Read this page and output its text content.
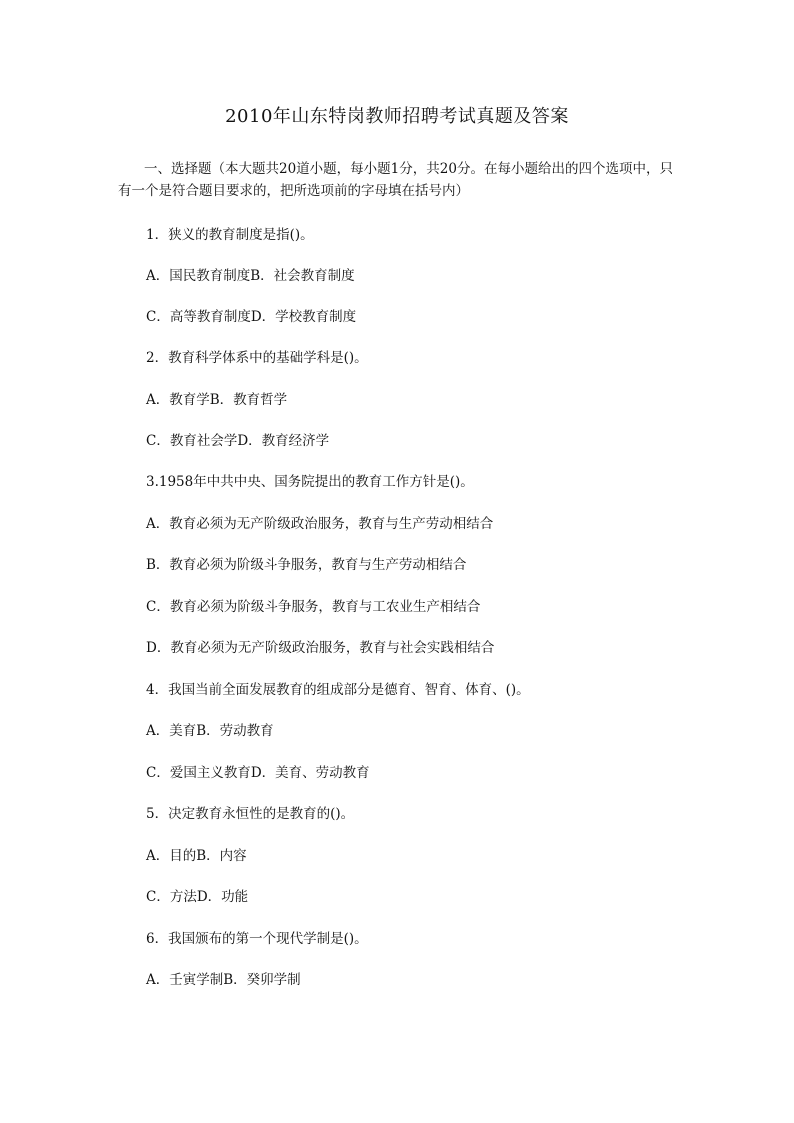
2010年山东特岗教师招聘考试真题及答案

一、选择题（本大题共20道小题，每小题1分，共20分。在每小题给出的四个选项中，只有一个是符合题目要求的，把所选项前的字母填在括号内）

1．狭义的教育制度是指()。

A．国民教育制度B．社会教育制度

C．高等教育制度D．学校教育制度

2．教育科学体系中的基础学科是()。

A．教育学B．教育哲学

C．教育社会学D．教育经济学

3.1958年中共中央、国务院提出的教育工作方针是()。

A．教育必须为无产阶级政治服务，教育与生产劳动相结合

B．教育必须为阶级斗争服务，教育与生产劳动相结合

C．教育必须为阶级斗争服务，教育与工农业生产相结合

D．教育必须为无产阶级政治服务，教育与社会实践相结合

4．我国当前全面发展教育的组成部分是德育、智育、体育、()。

A．美育B．劳动教育

C．爱国主义教育D．美育、劳动教育

5．决定教育永恒性的是教育的()。

A．目的B．内容

C．方法D．功能

6．我国颁布的第一个现代学制是()。

A．壬寅学制B．癸卯学制
